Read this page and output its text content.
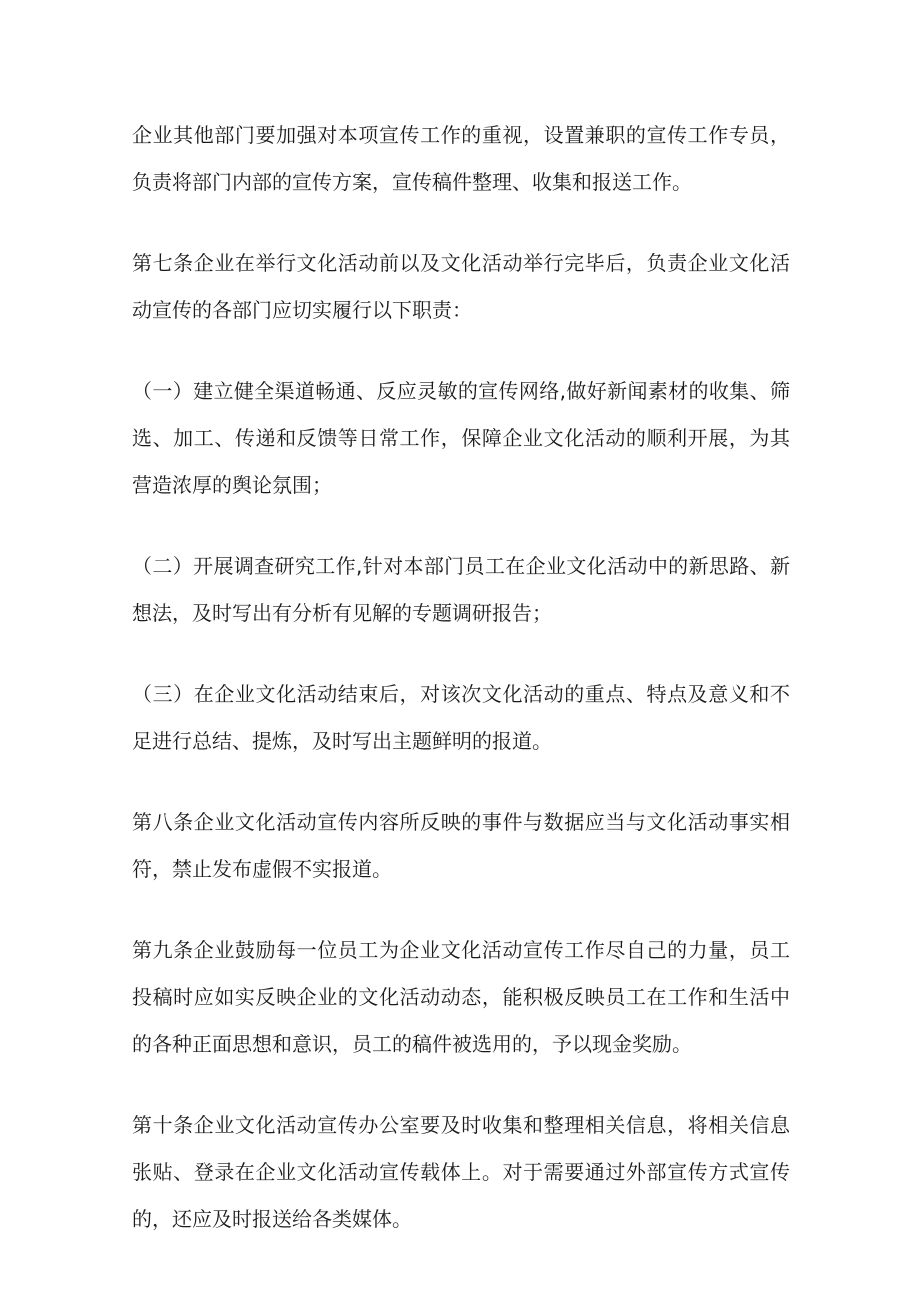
企业其他部门要加强对本项宣传工作的重视，设置兼职的宣传工作专员，负责将部门内部的宣传方案，宣传稿件整理、收集和报送工作。

第七条企业在举行文化活动前以及文化活动举行完毕后，负责企业文化活动宣传的各部门应切实履行以下职责：

（一）建立健全渠道畅通、反应灵敏的宣传网络,做好新闻素材的收集、筛选、加工、传递和反馈等日常工作，保障企业文化活动的顺利开展，为其营造浓厚的舆论氛围；

（二）开展调查研究工作,针对本部门员工在企业文化活动中的新思路、新想法，及时写出有分析有见解的专题调研报告；

（三）在企业文化活动结束后，对该次文化活动的重点、特点及意义和不足进行总结、提炼，及时写出主题鲜明的报道。

第八条企业文化活动宣传内容所反映的事件与数据应当与文化活动事实相符，禁止发布虚假不实报道。

第九条企业鼓励每一位员工为企业文化活动宣传工作尽自己的力量，员工投稿时应如实反映企业的文化活动动态，能积极反映员工在工作和生活中的各种正面思想和意识，员工的稿件被选用的，予以现金奖励。

第十条企业文化活动宣传办公室要及时收集和整理相关信息，将相关信息张贴、登录在企业文化活动宣传载体上。对于需要通过外部宣传方式宣传的，还应及时报送给各类媒体。
